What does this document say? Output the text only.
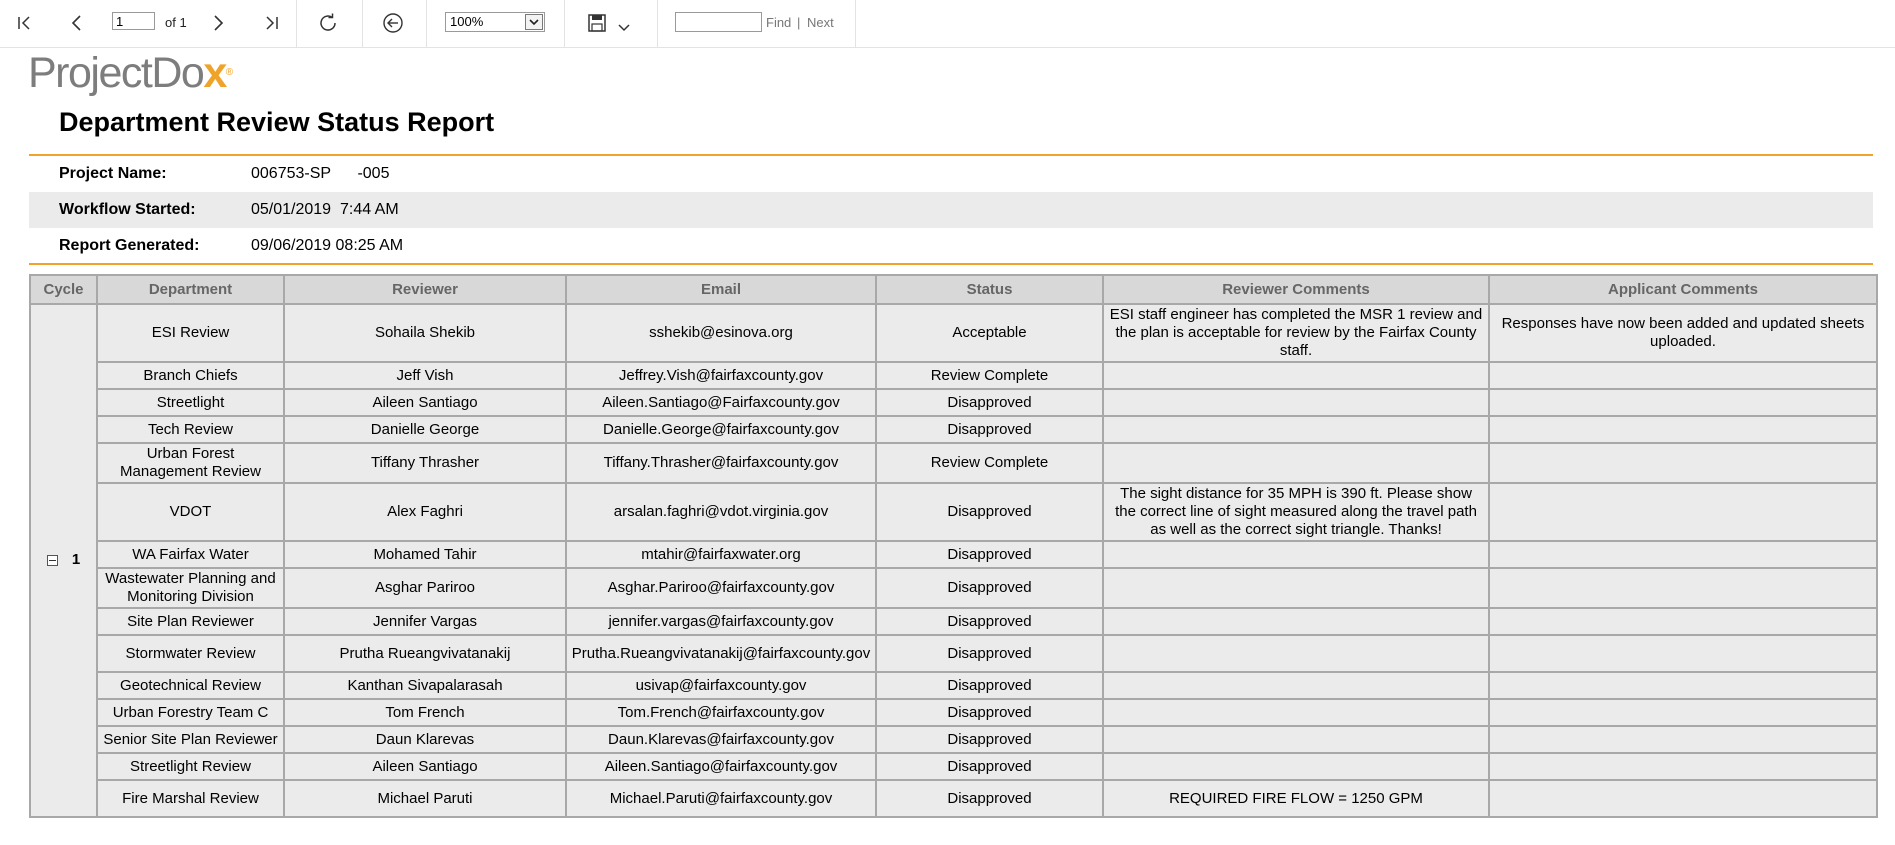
1
of 1	100%	Find | Next
ProjectDox®
Department Review Status Report
Project Name:	006753-SP      -005
Workflow Started:	05/01/2019  7:44 AM
Report Generated:	09/06/2019 08:25 AM
Cycle	Department	Reviewer	Email	Status	Reviewer Comments	Applicant Comments
1	ESI Review	Sohaila Shekib	sshekib@esinova.org	Acceptable	ESI staff engineer has completed the MSR 1 review and the plan is acceptable for review by the Fairfax County staff.	Responses have now been added and updated sheets uploaded.
	Branch Chiefs	Jeff Vish	Jeffrey.Vish@fairfaxcounty.gov	Review Complete		
	Streetlight	Aileen Santiago	Aileen.Santiago@Fairfaxcounty.gov	Disapproved		
	Tech Review	Danielle George	Danielle.George@fairfaxcounty.gov	Disapproved		
	Urban Forest Management Review	Tiffany Thrasher	Tiffany.Thrasher@fairfaxcounty.gov	Review Complete		
	VDOT	Alex Faghri	arsalan.faghri@vdot.virginia.gov	Disapproved	The sight distance for 35 MPH is 390 ft. Please show the correct line of sight measured along the travel path as well as the correct sight triangle. Thanks!	
	WA Fairfax Water	Mohamed Tahir	mtahir@fairfaxwater.org	Disapproved		
	Wastewater Planning and Monitoring Division	Asghar Pariroo	Asghar.Pariroo@fairfaxcounty.gov	Disapproved		
	Site Plan Reviewer	Jennifer Vargas	jennifer.vargas@fairfaxcounty.gov	Disapproved		
	Stormwater Review	Prutha Rueangvivatanakij	Prutha.Rueangvivatanakij@fairfaxcounty.gov	Disapproved		
	Geotechnical Review	Kanthan Sivapalarasah	usivap@fairfaxcounty.gov	Disapproved		
	Urban Forestry Team C	Tom French	Tom.French@fairfaxcounty.gov	Disapproved		
	Senior Site Plan Reviewer	Daun Klarevas	Daun.Klarevas@fairfaxcounty.gov	Disapproved		
	Streetlight Review	Aileen Santiago	Aileen.Santiago@fairfaxcounty.gov	Disapproved		
	Fire Marshal Review	Michael Paruti	Michael.Paruti@fairfaxcounty.gov	Disapproved	REQUIRED FIRE FLOW = 1250 GPM	
